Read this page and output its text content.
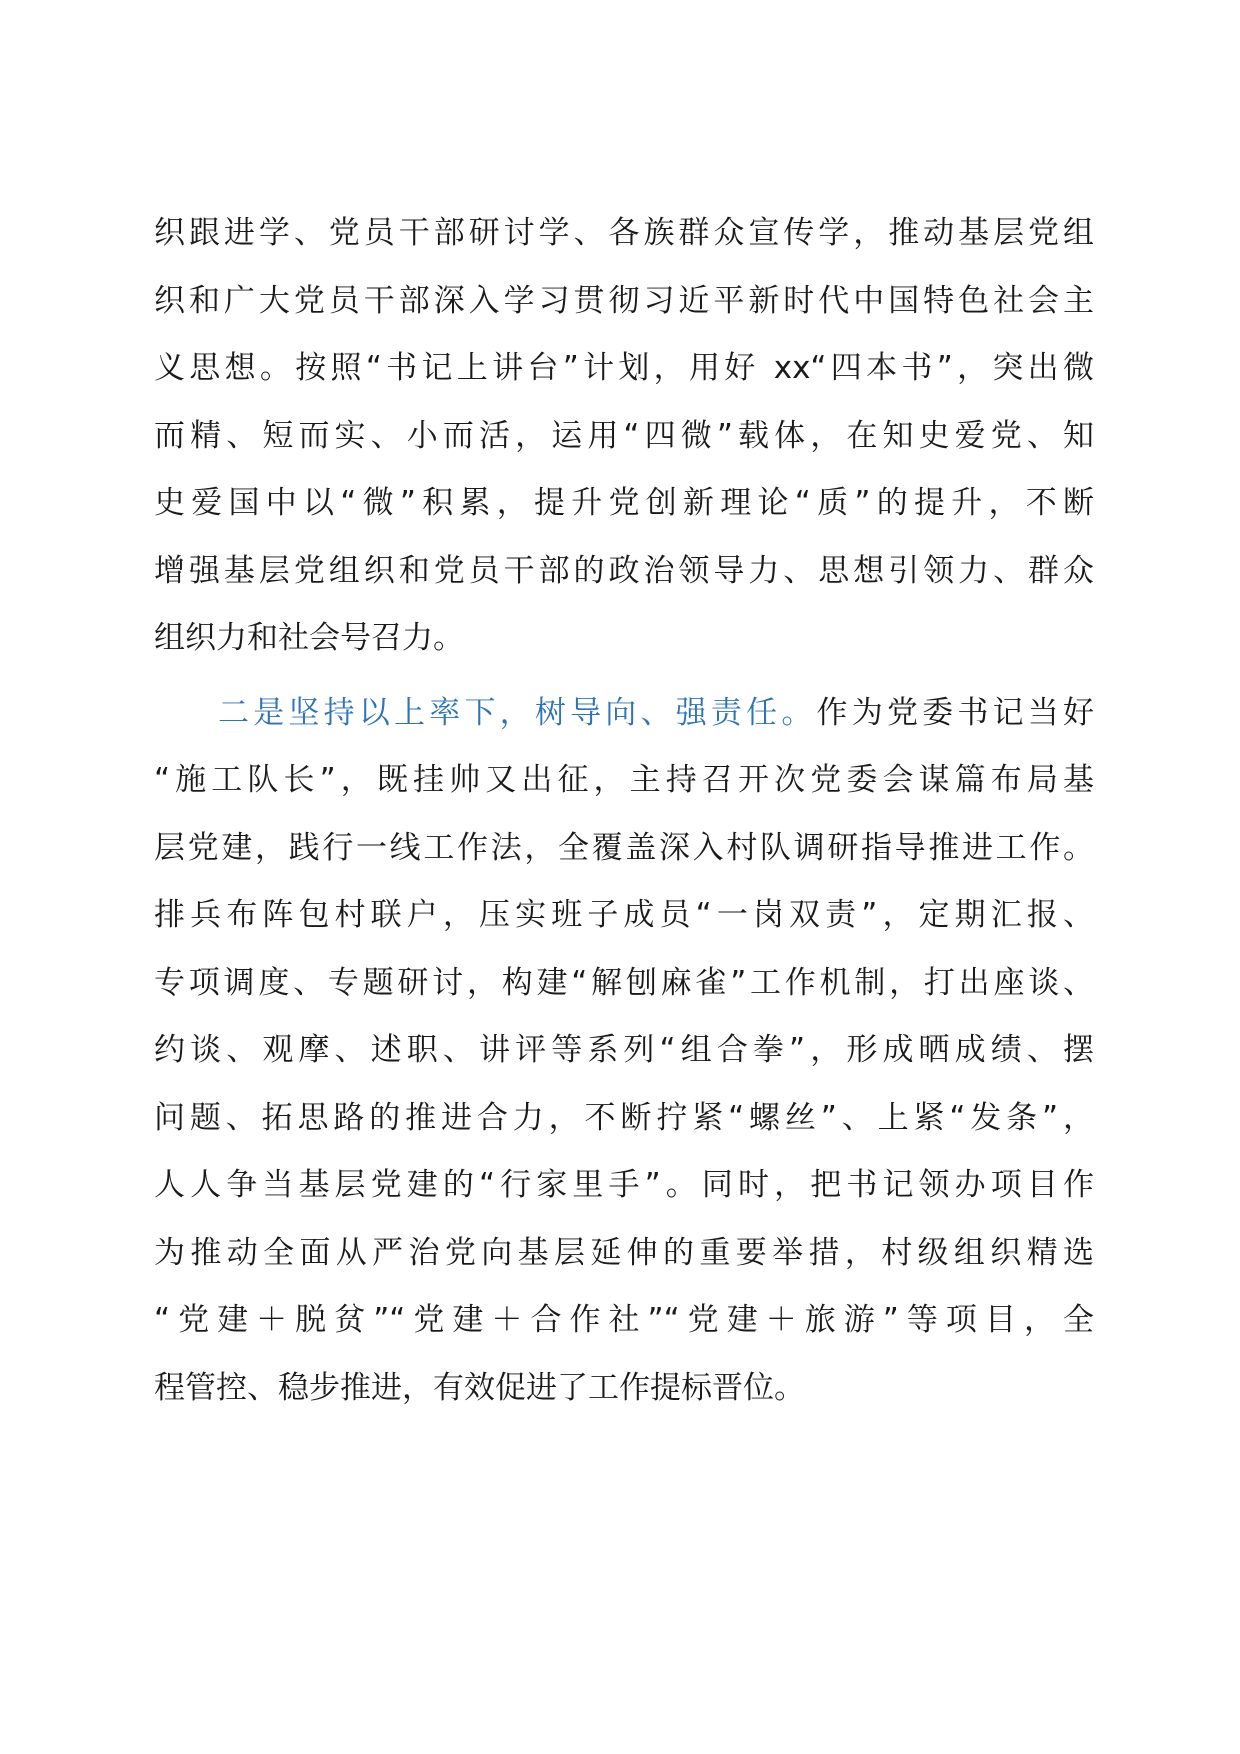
织跟进学、党员干部研讨学、各族群众宣传学，推动基层党组
织和广大党员干部深入学习贯彻习近平新时代中国特色社会主
义思想。按照“书记上讲台”计划，用好 xx“四本书”，突出微
而精、短而实、小而活，运用“四微”载体，在知史爱党、知
史爱国中以“微”积累，提升党创新理论“质”的提升，不断
增强基层党组织和党员干部的政治领导力、思想引领力、群众
组织力和社会号召力。
二是坚持以上率下，树导向、强责任。作为党委书记当好
“施工队长”，既挂帅又出征，主持召开次党委会谋篇布局基
层党建，践行一线工作法，全覆盖深入村队调研指导推进工作。
排兵布阵包村联户，压实班子成员“一岗双责”，定期汇报、
专项调度、专题研讨，构建“解刨麻雀”工作机制，打出座谈、
约谈、观摩、述职、讲评等系列“组合拳”，形成晒成绩、摆
问题、拓思路的推进合力，不断拧紧“螺丝”、上紧“发条”，
人人争当基层党建的“行家里手”。同时，把书记领办项目作
为推动全面从严治党向基层延伸的重要举措，村级组织精选
“党建＋脱贫”“党建＋合作社”“党建＋旅游”等项目，全
程管控、稳步推进，有效促进了工作提标晋位。
